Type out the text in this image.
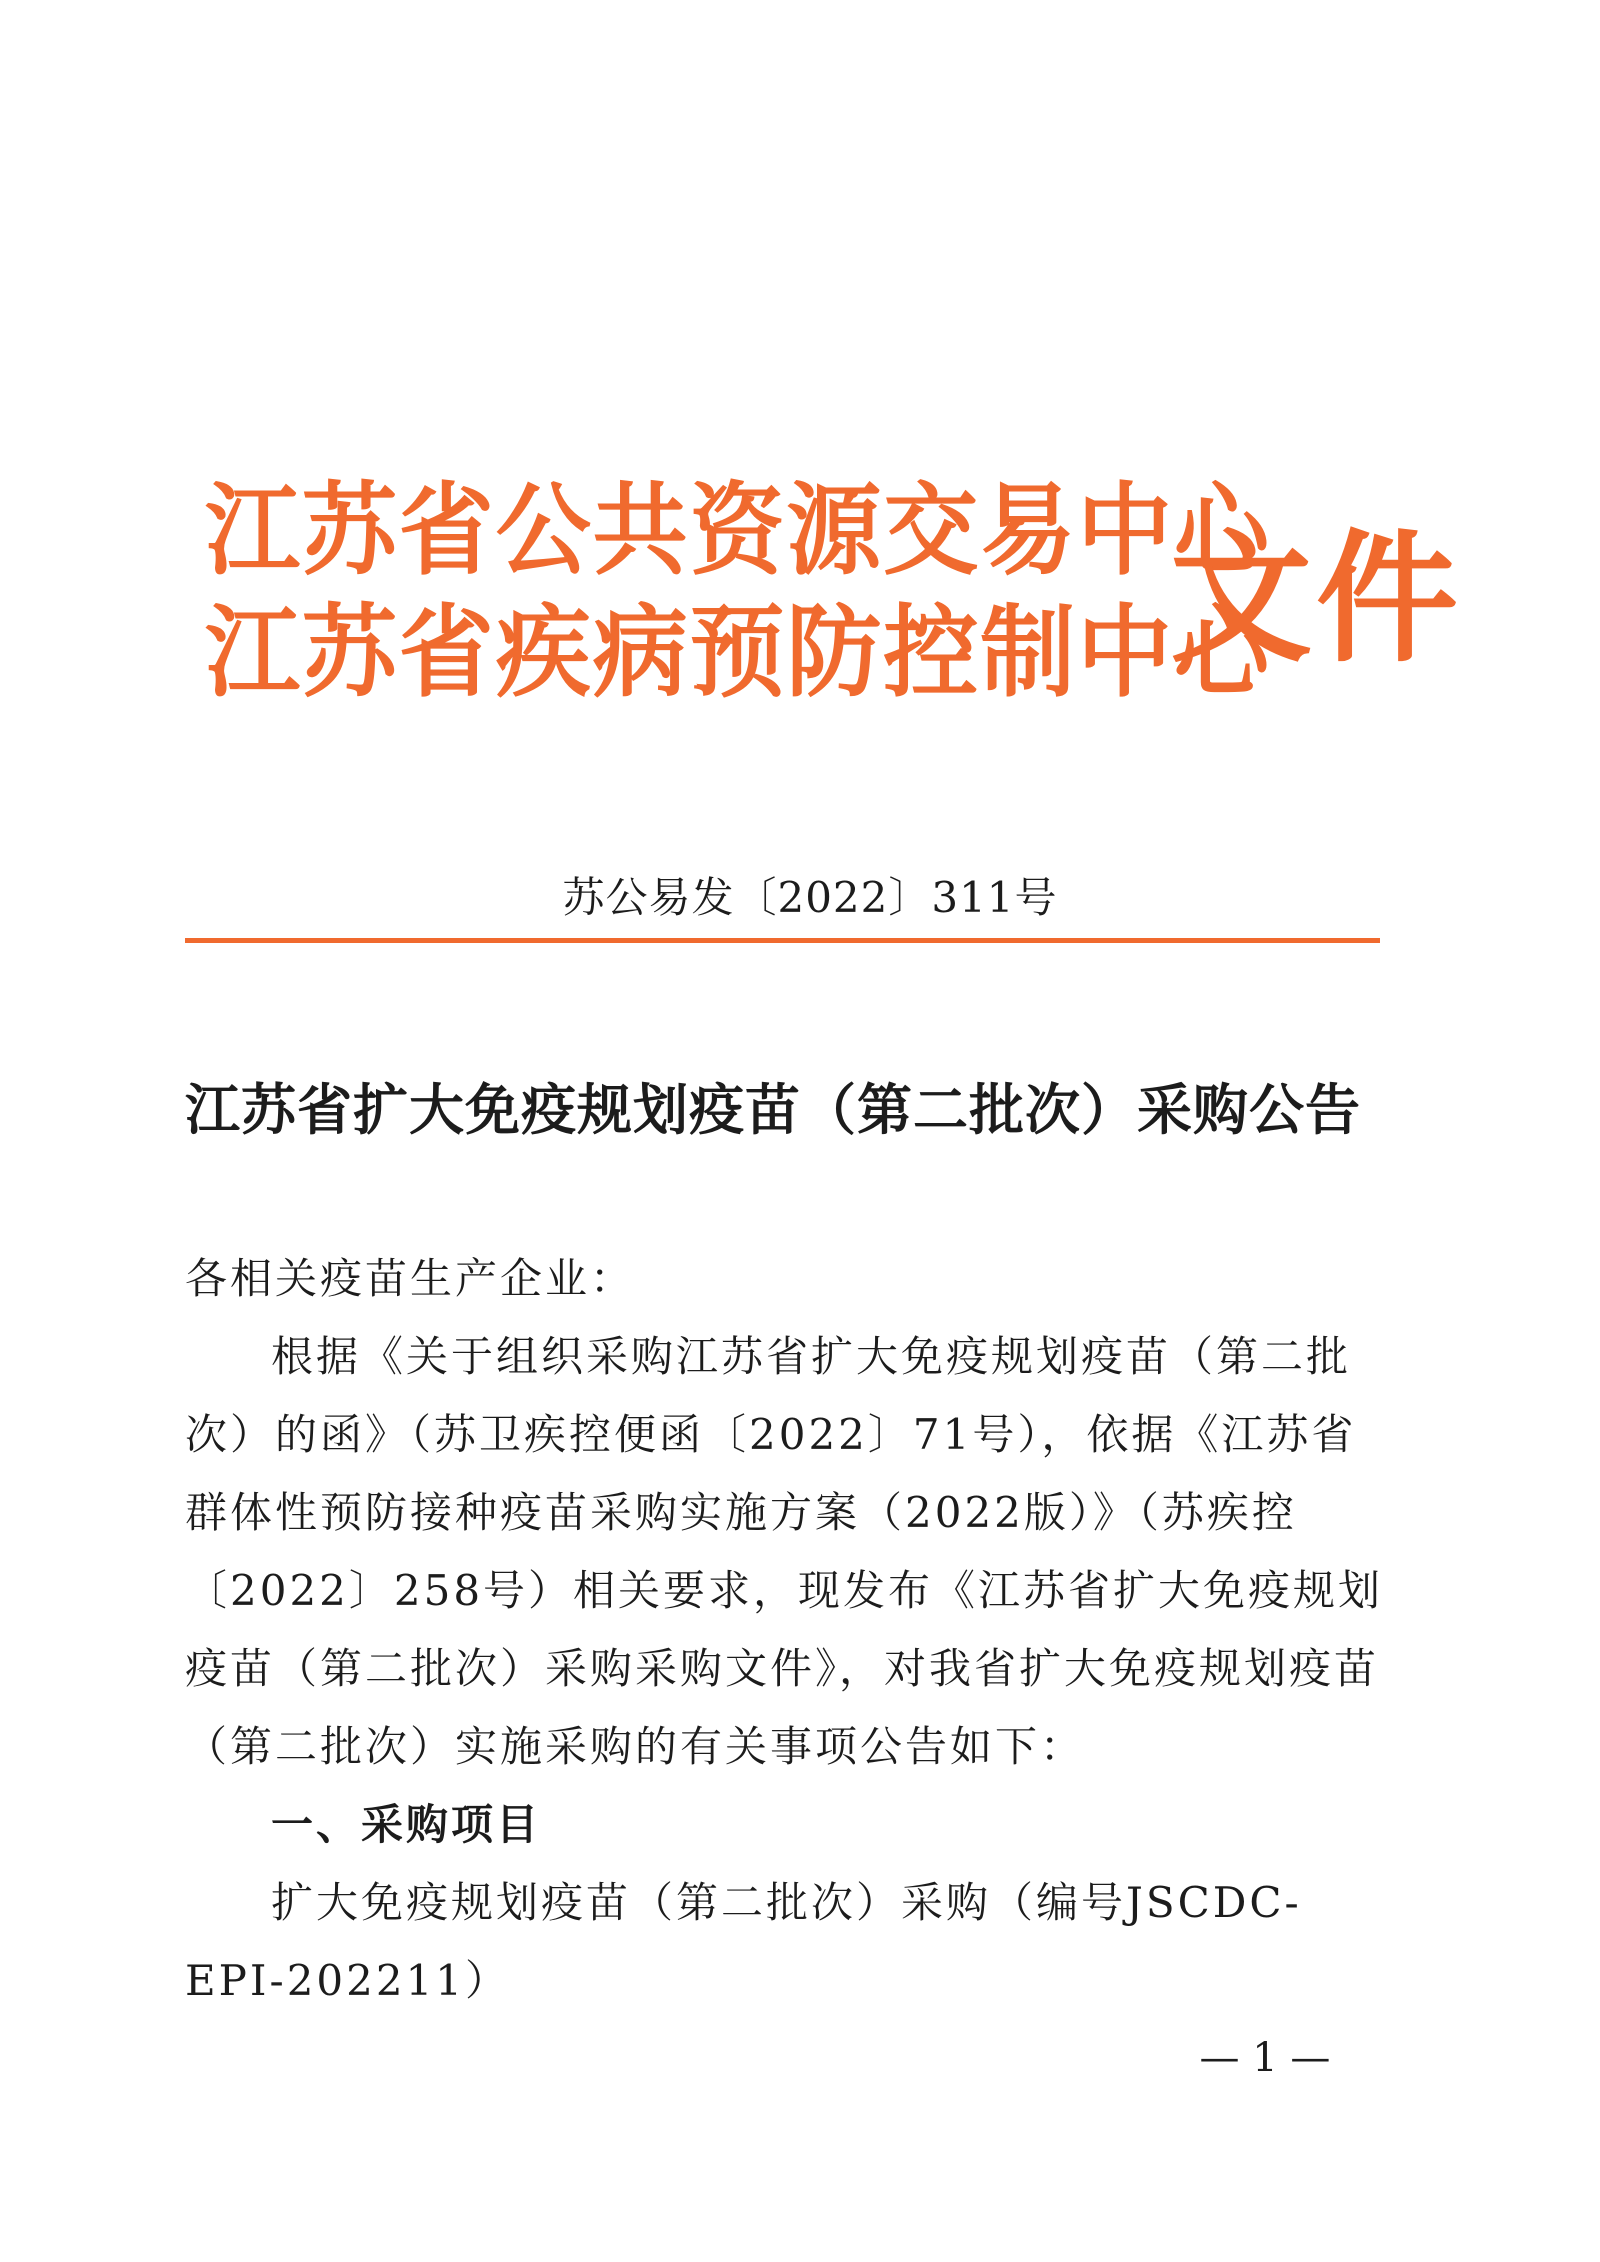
江苏省公共资源交易中心
江苏省疾病预防控制中心
文件
苏公易发〔2022〕311号
江苏省扩大免疫规划疫苗（第二批次）采购公告

各相关疫苗生产企业：

根据《关于组织采购江苏省扩大免疫规划疫苗（第二批次）的函》（苏卫疾控便函〔2022〕71号），依据《江苏省群体性预防接种疫苗采购实施方案（2022版）》（苏疾控〔2022〕258号）相关要求，现发布《江苏省扩大免疫规划疫苗（第二批次）采购采购文件》，对我省扩大免疫规划疫苗（第二批次）实施采购的有关事项公告如下：

一、采购项目

扩大免疫规划疫苗（第二批次）采购（编号JSCDC-EPI-202211）

— 1 —
